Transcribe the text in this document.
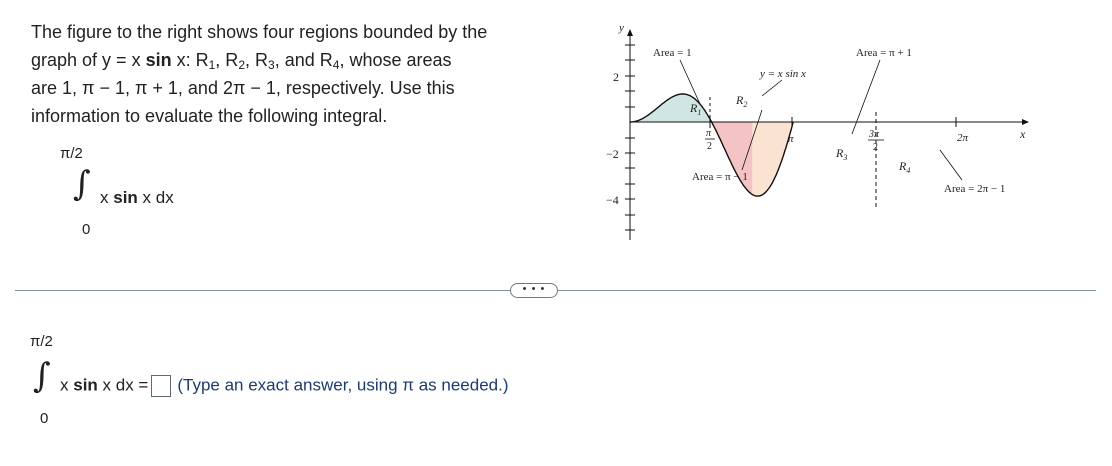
The figure to the right shows four regions bounded by the
graph of y = x sin x: $R_1$, $R_2$, $R_3$, and $R_4$, whose areas
are 1, π − 1, π + 1, and 2π − 1, respectively. Use this
information to evaluate the following integral.
π/2
∫ x sin x dx
0
y
x
2
−2
−4
π
2
π	3π
2
2π
$R_1$
$R_2$
$R_3$
$R_4$
y = x sin x
Area = 1
Area = π − 1
Area = π + 1
Area = 2π − 1
• • •
π/2
∫ x sin x dx = (Type an exact answer, using π as needed.)
0
